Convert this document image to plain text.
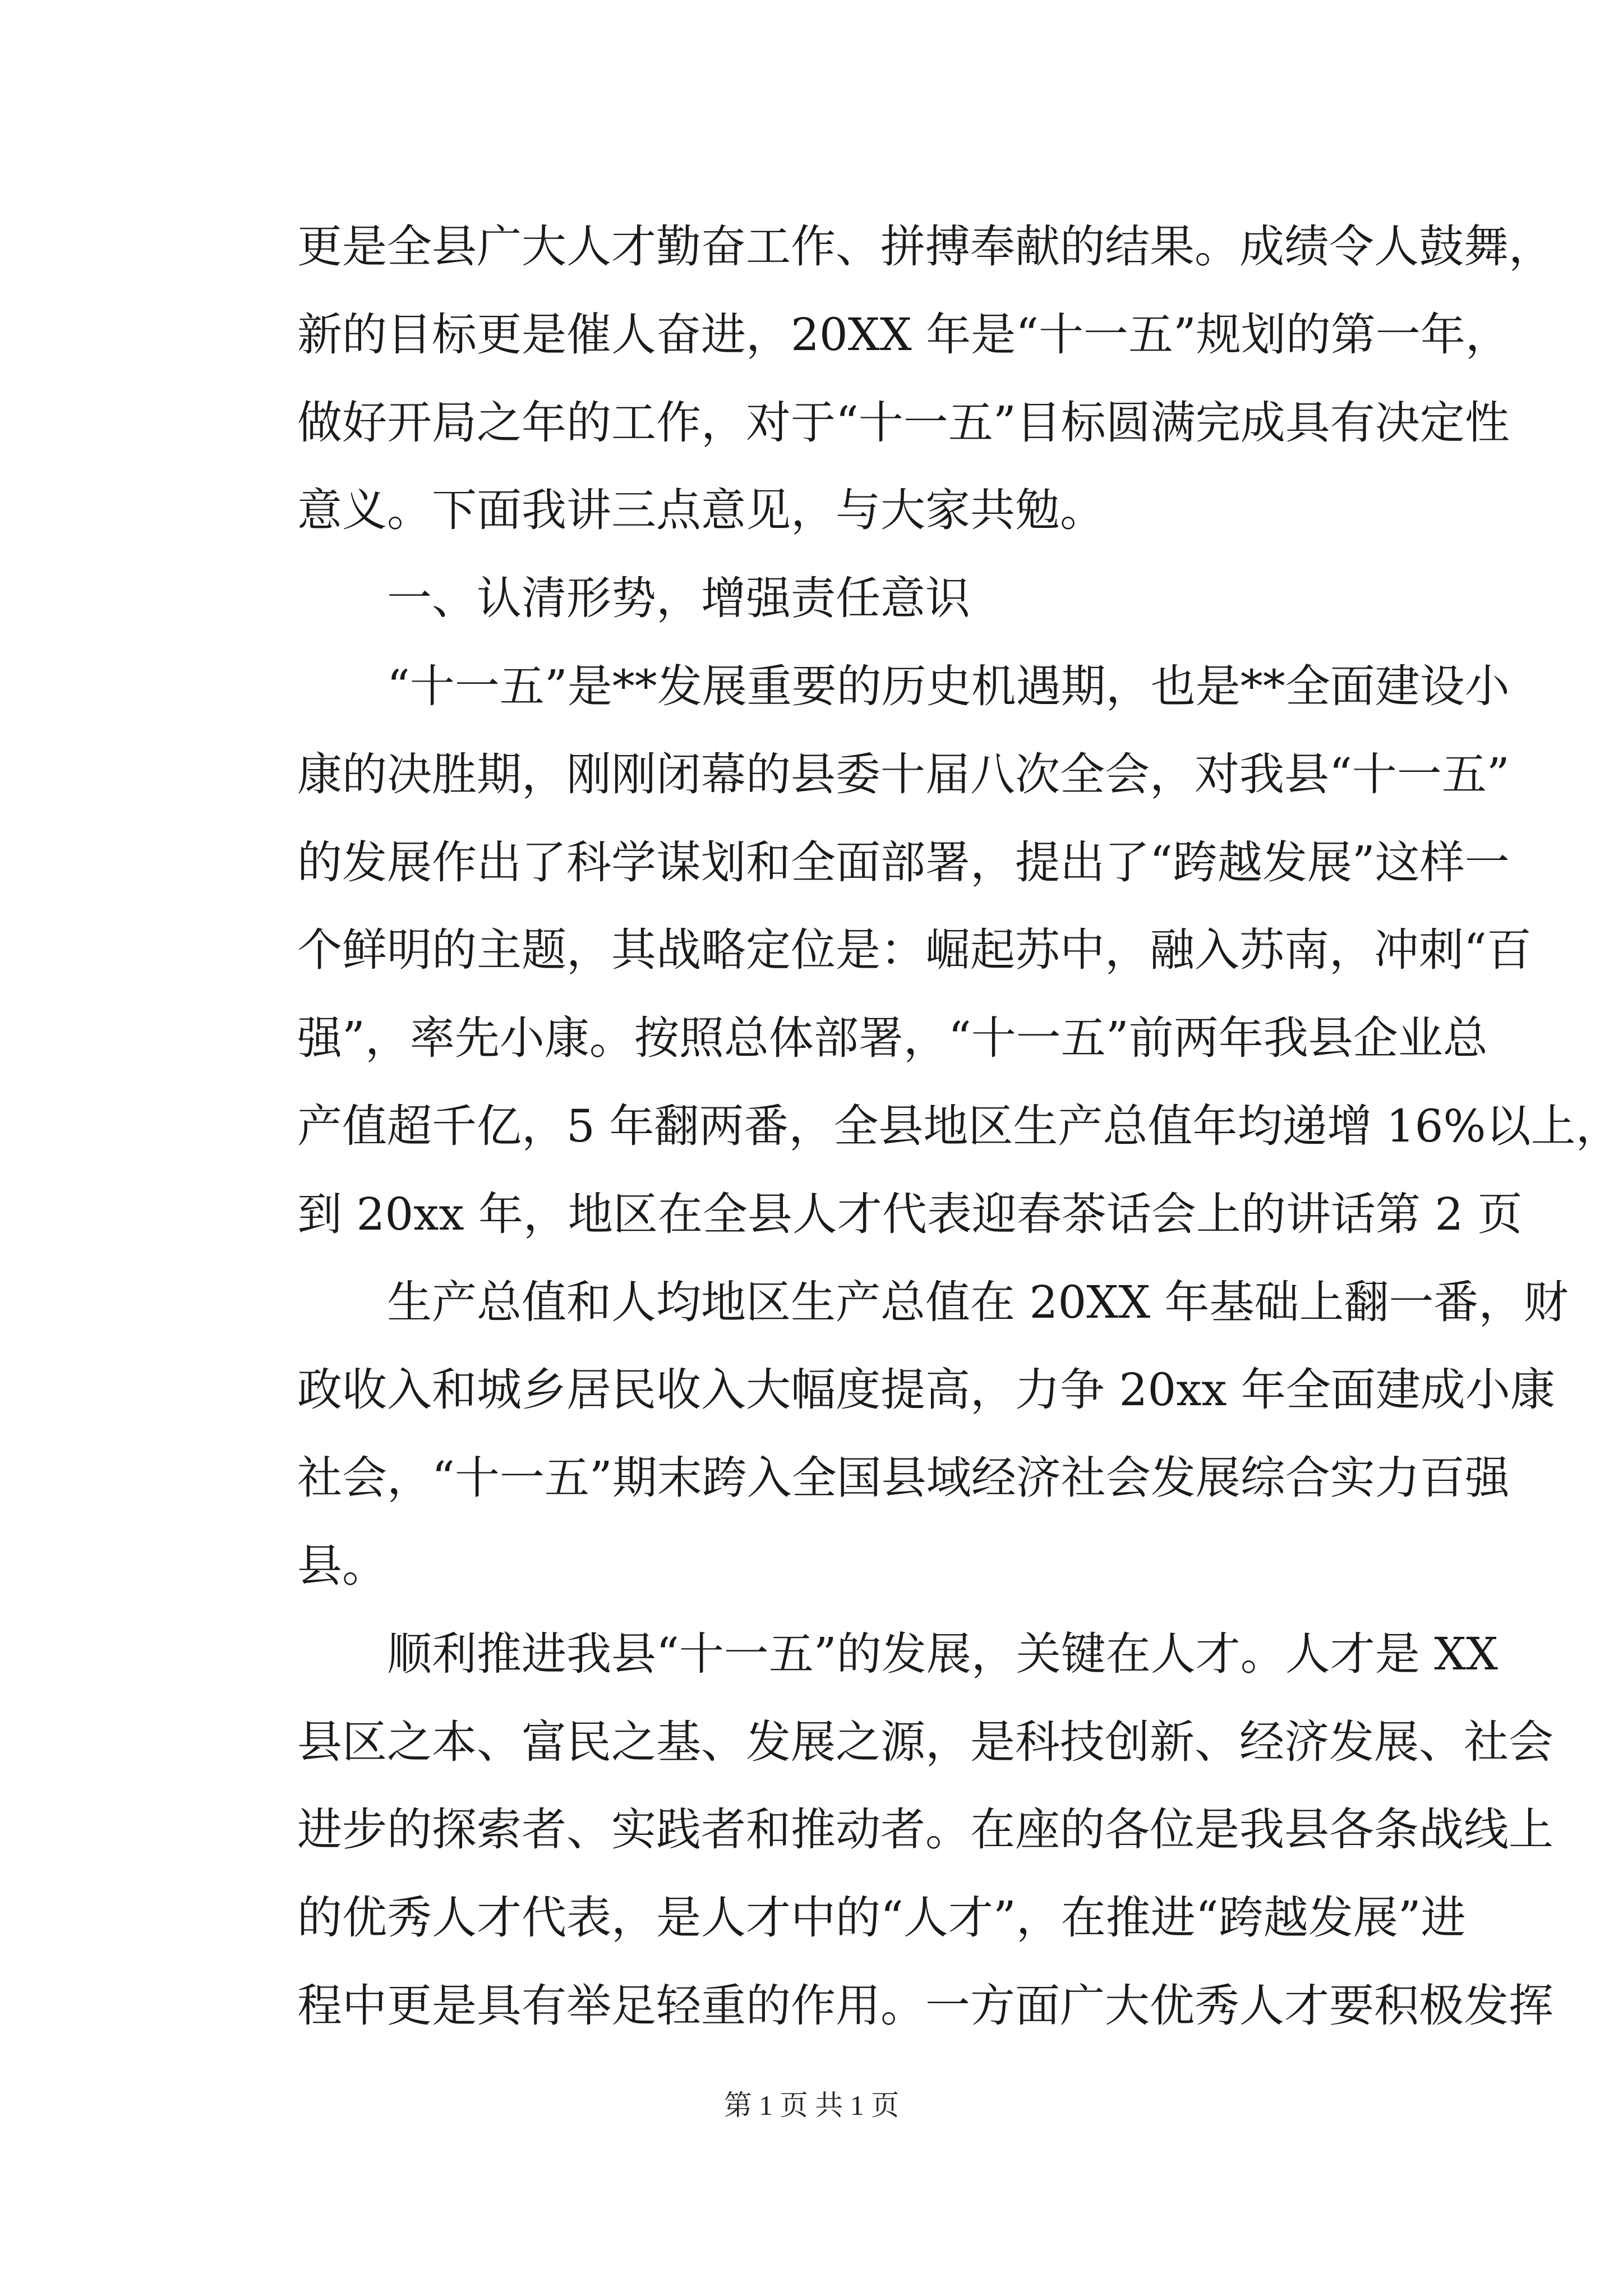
更是全县广大人才勤奋工作、拼搏奉献的结果。成绩令人鼓舞，
新的目标更是催人奋进，20XX 年是“十一五”规划的第一年，
做好开局之年的工作，对于“十一五”目标圆满完成具有决定性
意义。下面我讲三点意见，与大家共勉。
一、认清形势，增强责任意识
“十一五”是**发展重要的历史机遇期，也是**全面建设小
康的决胜期，刚刚闭幕的县委十届八次全会，对我县“十一五”
的发展作出了科学谋划和全面部署，提出了“跨越发展”这样一
个鲜明的主题，其战略定位是：崛起苏中，融入苏南，冲刺“百
强”，率先小康。按照总体部署，“十一五”前两年我县企业总
产值超千亿，5 年翻两番，全县地区生产总值年均递增 16%以上，
到 20xx 年，地区在全县人才代表迎春茶话会上的讲话第 2 页
生产总值和人均地区生产总值在 20XX 年基础上翻一番，财
政收入和城乡居民收入大幅度提高，力争 20xx 年全面建成小康
社会，“十一五”期末跨入全国县域经济社会发展综合实力百强
县。
顺利推进我县“十一五”的发展，关键在人才。人才是 XX
县区之本、富民之基、发展之源，是科技创新、经济发展、社会
进步的探索者、实践者和推动者。在座的各位是我县各条战线上
的优秀人才代表，是人才中的“人才”，在推进“跨越发展”进
程中更是具有举足轻重的作用。一方面广大优秀人才要积极发挥
第 1 页 共 1 页
